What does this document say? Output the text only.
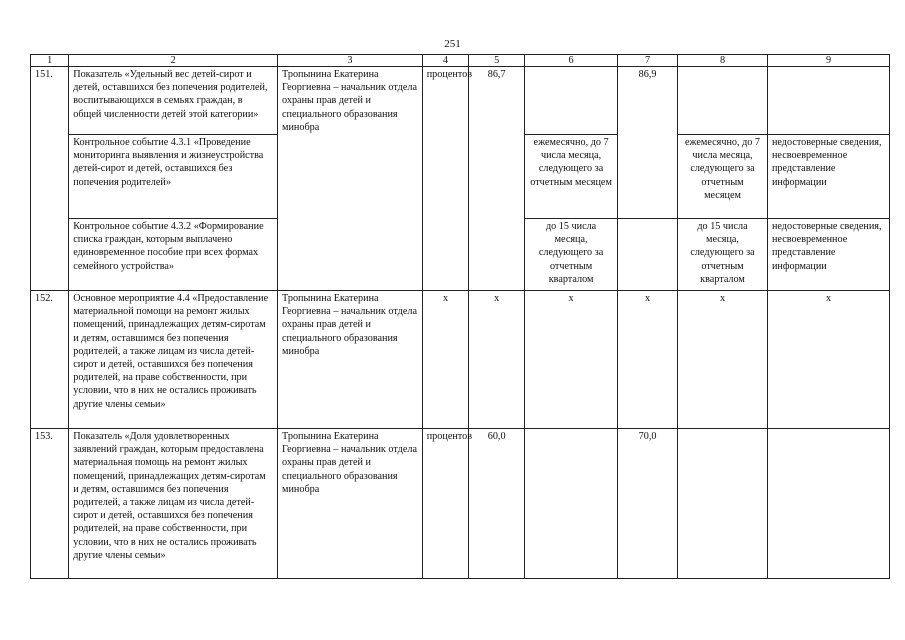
251
1	2	3	4	5	6	7	8	9
151.	Показатель «Удельный вес детей-сирот и детей, оставшихся без попечения родителей, воспитывающихся в семьях граждан, в общей численности детей этой категории»	Тропынина Екатерина Георгиевна – начальник отдела охраны прав детей и специального образования минобра	процентов	86,7		86,9		
	Контрольное событие 4.3.1 «Проведение мониторинга выявления и жизнеустройства детей-сирот и детей, оставшихся без попечения родителей»				ежемесячно, до 7 числа месяца, следующего за отчетным месяцем		ежемесячно, до 7 числа месяца, следующего за отчетным месяцем	недостоверные сведения, несвоевременное представление информации
	Контрольное событие 4.3.2 «Формирование списка граждан, которым выплачено единовременное пособие при всех формах семейного устройства»				до 15 числа месяца, следующего за отчетным кварталом		до 15 числа месяца, следующего за отчетным кварталом	недостоверные сведения, несвоевременное представление информации
152.	Основное мероприятие 4.4 «Предоставление материальной помощи на ремонт жилых помещений, принадлежащих детям-сиротам и детям, оставшимся без попечения родителей, а также лицам из числа детей-сирот и детей, оставшихся без попечения родителей, на праве собственности, при условии, что в них не остались проживать другие члены семьи»	Тропынина Екатерина Георгиевна – начальник отдела охраны прав детей и специального образования минобра	х	х	х	х	х	х
153.	Показатель «Доля удовлетворенных заявлений граждан, которым предоставлена материальная помощь на ремонт жилых помещений, принадлежащих детям-сиротам и детям, оставшимся без попечения родителей, а также лицам из числа детей-сирот и детей, оставшихся без попечения родителей, на праве собственности, при условии, что в них не остались проживать другие члены семьи»	Тропынина Екатерина Георгиевна – начальник отдела охраны прав детей и специального образования минобра	процентов	60,0		70,0		
